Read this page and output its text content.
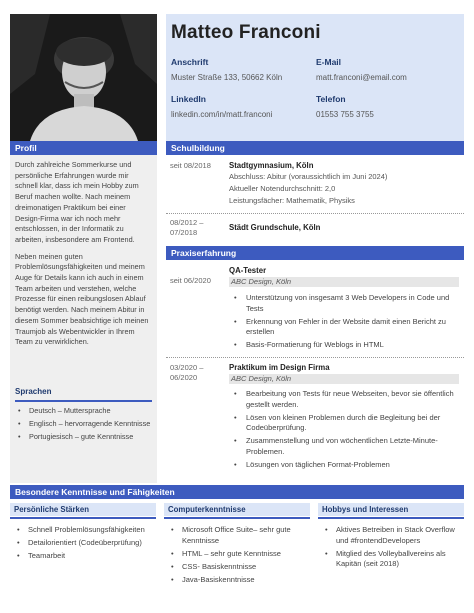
Matteo Franconi
Anschrift
Muster Straße 133, 50662 Köln
E-Mail
matt.franconi@email.com
LinkedIn
linkedin.com/in/matt.franconi
Telefon
01553 755 3755
Profil

Durch zahlreiche Sommerkurse und persönliche Erfahrungen wurde mir schnell klar, dass ich mein Hobby zum Beruf machen wollte. Nach meinem dreimonatigen Praktikum bei einer Design-Firma war ich noch mehr entschlossen, in der Informatik zu arbeiten, insbesondere am Frontend.

Neben meinen guten Problemlösungsfähigkeiten und meinem Auge für Details kann ich auch in einem Team arbeiten und verstehen, welche Prozesse für einen reibungslosen Ablauf benötigt werden. Nach meinem Abitur in diesem Sommer beabsichtige ich meinen Traumjob als Webentwickler in Ihrem Team zu verwirklichen.

Sprachen
• Deutsch – Muttersprache
• Englisch – hervorragende Kenntnisse
• Portugiesisch – gute Kenntnisse
Schulbildung
seit 08/2018	Stadtgymnasium, Köln
Abschluss: Abitur (voraussichtlich im Juni 2024)
Aktueller Notendurchschnitt: 2,0
Leistungsfächer: Mathematik, Physiks
08/2012 – 07/2018	Städt Grundschule, Köln
Praxiserfahrung
seit 06/2020
QA-Tester
ABC Design, Köln
• Unterstützung von insgesamt 3 Web Developers in Code und Tests
• Erkennung von Fehler in der Website damit einen Bericht zu erstellen
• Basis-Formatierung für Weblogs in HTML
03/2020 – 06/2020
Praktikum im Design Firma
ABC Design, Köln
• Bearbeitung von Tests für neue Webseiten, bevor sie öffentlich gestellt werden.
• Lösen von kleinen Problemen durch die Begleitung bei der Codeüberprüfung.
• Zusammenstellung und von wöchentlichen Letzte-Minute-Problemen.
• Lösungen von täglichen Format-Problemen
Besondere Kenntnisse und Fähigkeiten
Persönliche Stärken
• Schnell Problemlösungsfähigkeiten
• Detailorientiert (Codeüberprüfung)
• Teamarbeit
Computerkenntnisse
• Microsoft Office Suite– sehr gute Kenntnisse
• HTML – sehr gute Kenntnisse
• CSS- Basiskenntnisse
• Java-Basiskenntnisse
Hobbys und Interessen
• Aktives Betreiben in Stack Overflow und #frontendDevelopers
• Mitglied des Volleyballvereins als Kapitän (seit 2018)
